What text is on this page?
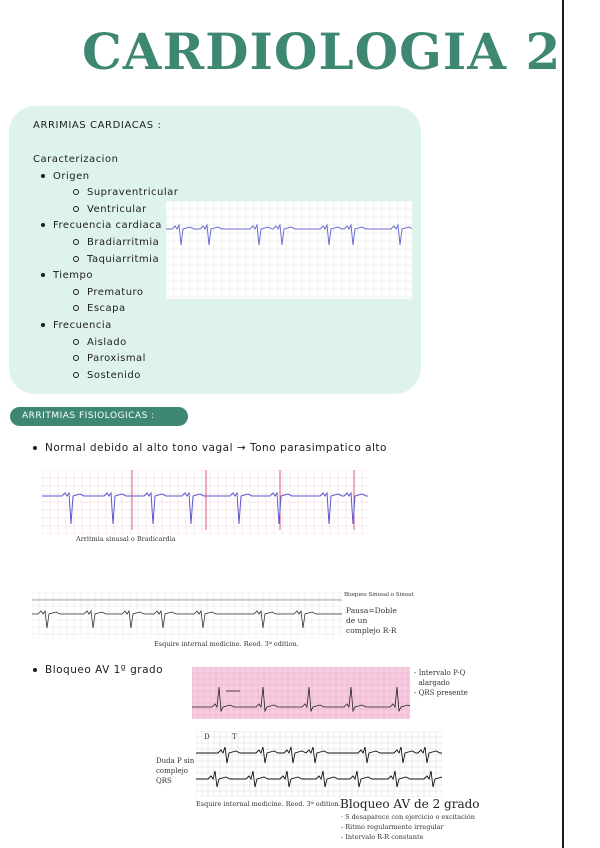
CARDIOLOGIA 2
ARRIMIAS CARDIACAS :
Caracterizacion
Origen
Supraventricular
Ventricular
Frecuencia cardiaca
Bradiarritmia
Taquiarritmia
Tiempo
Prematuro
Escapa
Frecuencia
Aislado
Paroxismal
Sostenido
ARRITMIAS FISIOLOGICAS :
Normal debido al alto tono vagal → Tono parasimpatico alto
Arritmia sinusal o Bradicardia
Bloqueo Sinusal o Sinoat
Pausa=Doble
de un
complejo R-R
Esquire internal medicine. Reed. 3ª edition.
Bloqueo AV 1º grado	- Intervalo P-Q
alargado
- QRS presente
D	T
Duda P sin
complejo
QRS
Esquire internal medicine. Reed. 3ª edition. Bloqueo AV de 2 grado
· S desaparece con ejercicio o excitación
- Ritmo regularmente irregular
- Intervalo R-R constante
